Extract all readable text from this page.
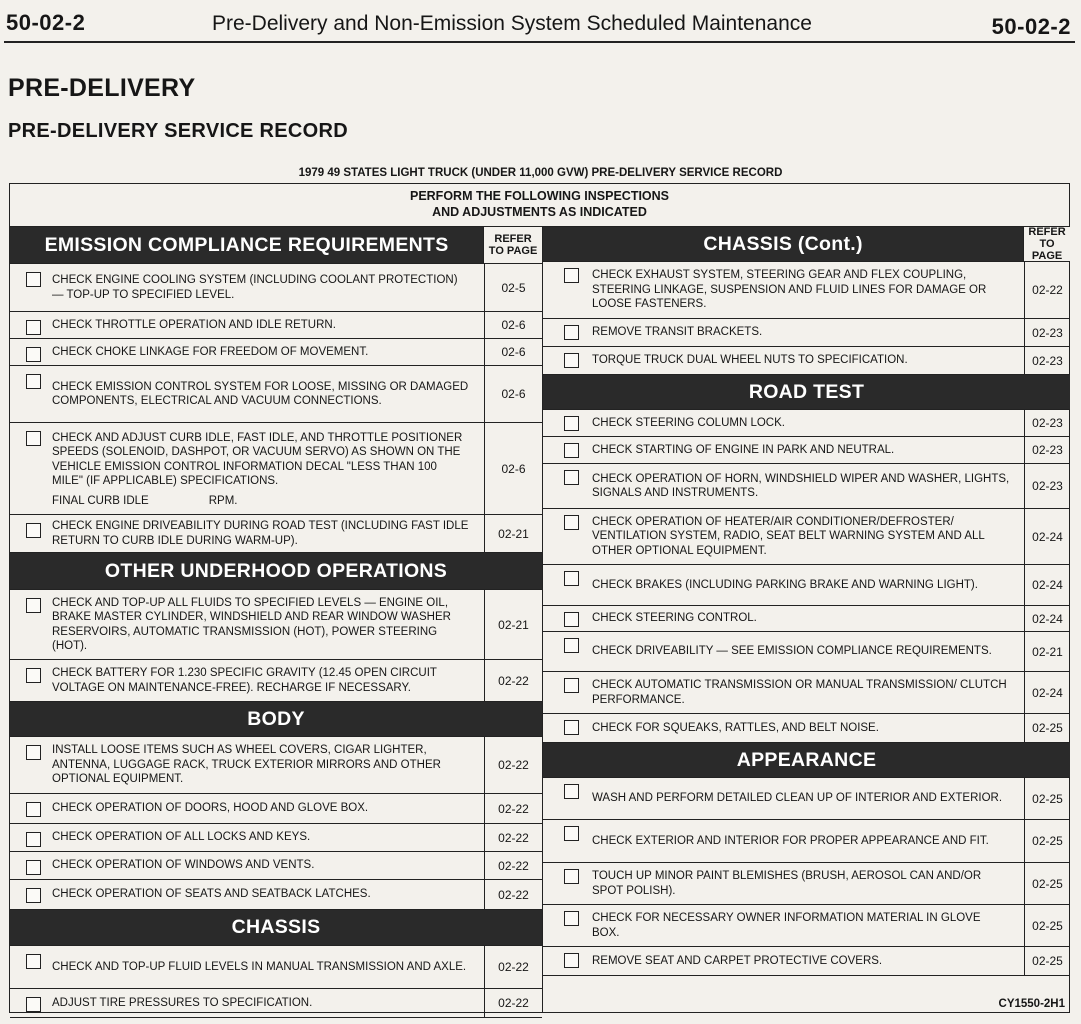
50-02-2	Pre-Delivery and Non-Emission System Scheduled Maintenance	50-02-2
PRE-DELIVERY
PRE-DELIVERY SERVICE RECORD
1979 49 STATES LIGHT TRUCK (UNDER 11,000 GVW) PRE-DELIVERY SERVICE RECORD
PERFORM THE FOLLOWING INSPECTIONS
AND ADJUSTMENTS AS INDICATED
EMISSION COMPLIANCE REQUIREMENTS	REFER
TO PAGE
CHECK ENGINE COOLING SYSTEM (INCLUDING COOLANT PROTECTION) — TOP-UP TO SPECIFIED LEVEL.	02-5
CHECK THROTTLE OPERATION AND IDLE RETURN.	02-6
CHECK CHOKE LINKAGE FOR FREEDOM OF MOVEMENT.	02-6
CHECK EMISSION CONTROL SYSTEM FOR LOOSE, MISSING OR DAMAGED COMPONENTS, ELECTRICAL AND VACUUM CONNECTIONS.	02-6
CHECK AND ADJUST CURB IDLE, FAST IDLE, AND THROTTLE POSITIONER SPEEDS (SOLENOID, DASHPOT, OR VACUUM SERVO) AS SHOWN ON THE VEHICLE EMISSION CONTROL INFORMATION DECAL "LESS THAN 100 MILE" (IF APPLICABLE) SPECIFICATIONS.
FINAL CURB IDLE	RPM.
02-6
CHECK ENGINE DRIVEABILITY DURING ROAD TEST (INCLUDING FAST IDLE RETURN TO CURB IDLE DURING WARM-UP).	02-21
OTHER UNDERHOOD OPERATIONS
CHECK AND TOP-UP ALL FLUIDS TO SPECIFIED LEVELS — ENGINE OIL, BRAKE MASTER CYLINDER, WINDSHIELD AND REAR WINDOW WASHER RESERVOIRS, AUTOMATIC TRANSMISSION (HOT), POWER STEERING (HOT).
02-21
CHECK BATTERY FOR 1.230 SPECIFIC GRAVITY (12.45 OPEN CIRCUIT VOLTAGE ON MAINTENANCE-FREE). RECHARGE IF NECESSARY.	02-22
BODY
INSTALL LOOSE ITEMS SUCH AS WHEEL COVERS, CIGAR LIGHTER, ANTENNA, LUGGAGE RACK, TRUCK EXTERIOR MIRRORS AND OTHER OPTIONAL EQUIPMENT.
02-22
CHECK OPERATION OF DOORS, HOOD AND GLOVE BOX.	02-22
CHECK OPERATION OF ALL LOCKS AND KEYS.	02-22
CHECK OPERATION OF WINDOWS AND VENTS.	02-22
CHECK OPERATION OF SEATS AND SEATBACK LATCHES.	02-22
CHASSIS
CHECK AND TOP-UP FLUID LEVELS IN MANUAL TRANSMISSION AND AXLE.	02-22
ADJUST TIRE PRESSURES TO SPECIFICATION.	02-22
CHASSIS (Cont.)
REFER
TO PAGE
CHECK EXHAUST SYSTEM, STEERING GEAR AND FLEX COUPLING, STEERING LINKAGE, SUSPENSION AND FLUID LINES FOR DAMAGE OR LOOSE FASTENERS.
02-22
REMOVE TRANSIT BRACKETS.	02-23
TORQUE TRUCK DUAL WHEEL NUTS TO SPECIFICATION.	02-23
ROAD TEST
CHECK STEERING COLUMN LOCK.	02-23
CHECK STARTING OF ENGINE IN PARK AND NEUTRAL.	02-23
CHECK OPERATION OF HORN, WINDSHIELD WIPER AND WASHER, LIGHTS, SIGNALS AND INSTRUMENTS.	02-23
CHECK OPERATION OF HEATER/AIR CONDITIONER/DEFROSTER/ VENTILATION SYSTEM, RADIO, SEAT BELT WARNING SYSTEM AND ALL OTHER OPTIONAL EQUIPMENT.
02-24
CHECK BRAKES (INCLUDING PARKING BRAKE AND WARNING LIGHT).	02-24
CHECK STEERING CONTROL.	02-24
CHECK DRIVEABILITY — SEE EMISSION COMPLIANCE REQUIREMENTS.	02-21
CHECK AUTOMATIC TRANSMISSION OR MANUAL TRANSMISSION/ CLUTCH PERFORMANCE.	02-24
CHECK FOR SQUEAKS, RATTLES, AND BELT NOISE.	02-25
APPEARANCE
WASH AND PERFORM DETAILED CLEAN UP OF INTERIOR AND EXTERIOR.	02-25
CHECK EXTERIOR AND INTERIOR FOR PROPER APPEARANCE AND FIT.	02-25
TOUCH UP MINOR PAINT BLEMISHES (BRUSH, AEROSOL CAN AND/OR SPOT POLISH).	02-25
CHECK FOR NECESSARY OWNER INFORMATION MATERIAL IN GLOVE BOX.	02-25
REMOVE SEAT AND CARPET PROTECTIVE COVERS.	02-25
CY1550-2H1
